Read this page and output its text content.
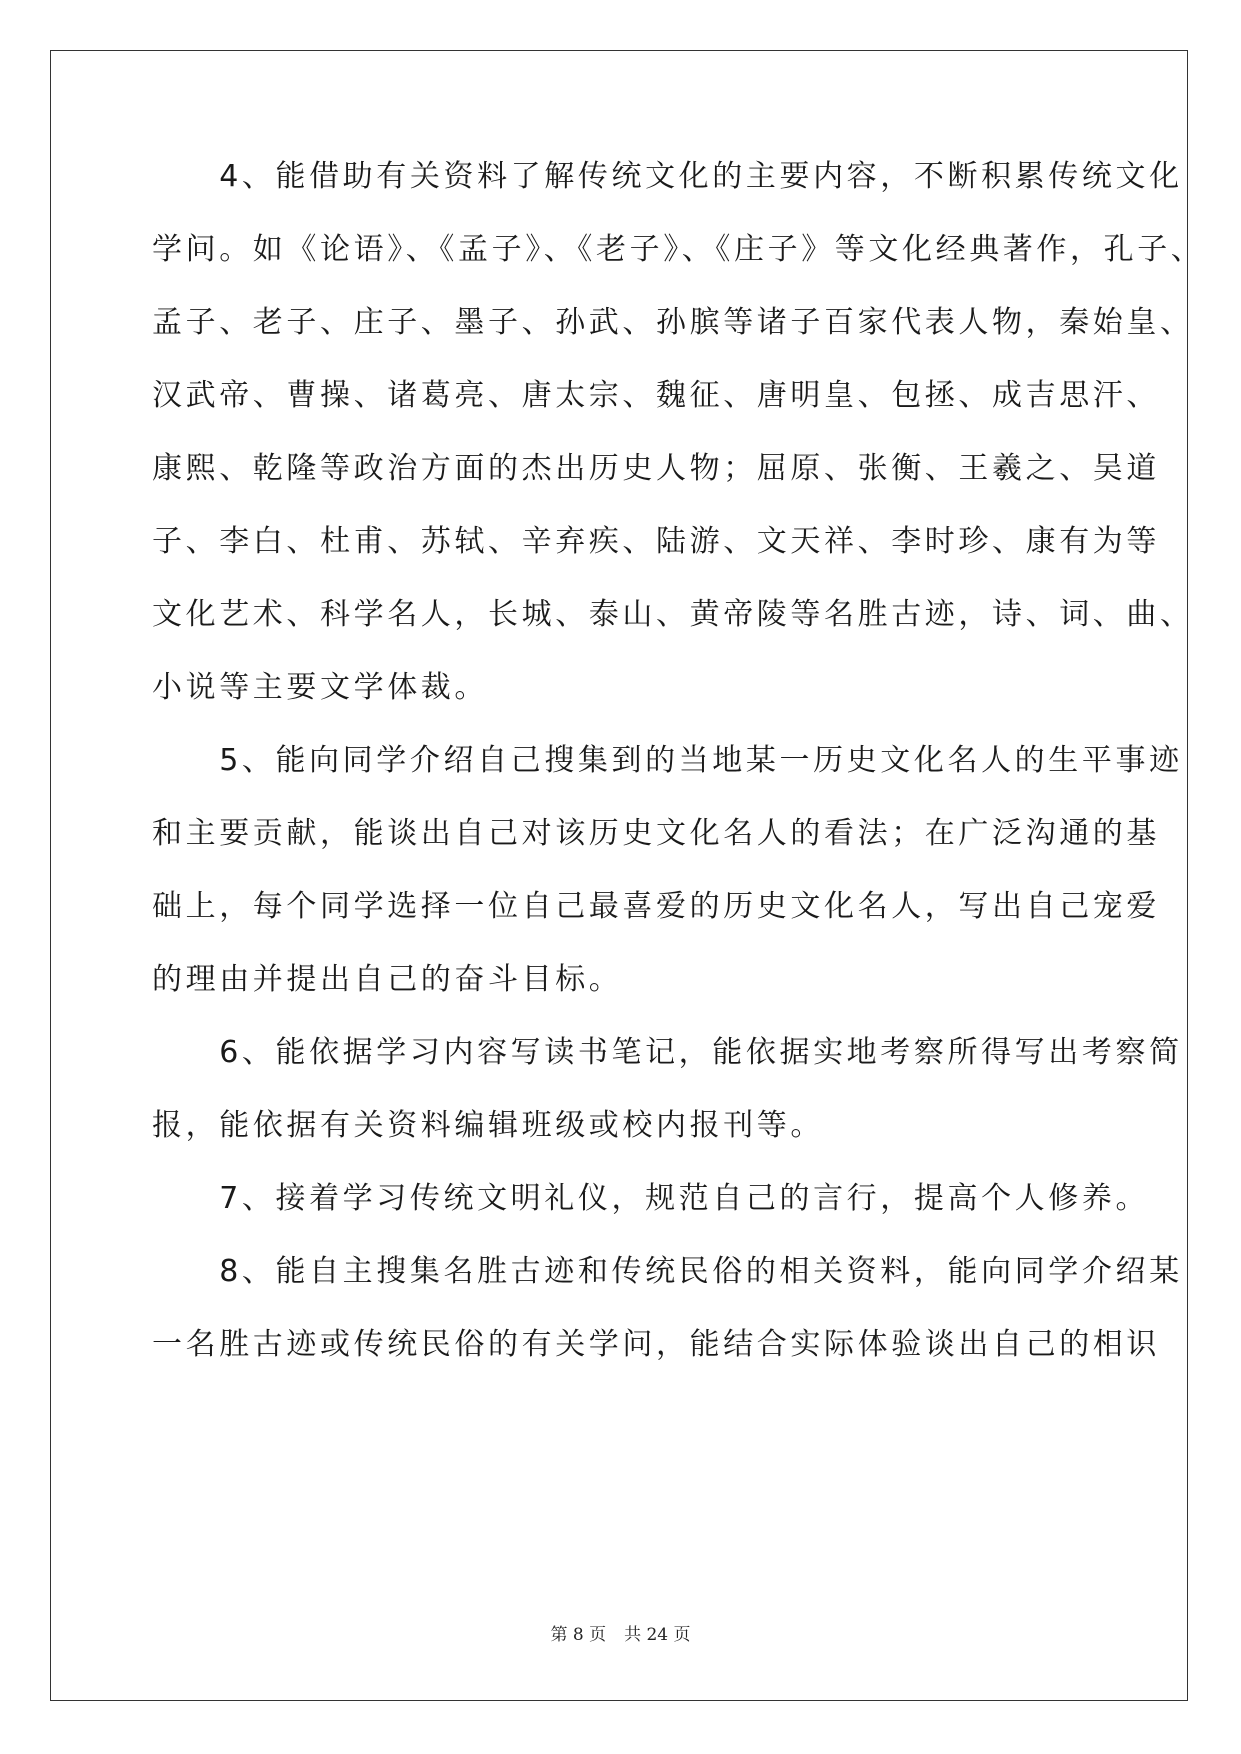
　　4、能借助有关资料了解传统文化的主要内容，不断积累传统文化
学问。如《论语》、《孟子》、《老子》、《庄子》等文化经典著作，孔子、
孟子、老子、庄子、墨子、孙武、孙膑等诸子百家代表人物，秦始皇、
汉武帝、曹操、诸葛亮、唐太宗、魏征、唐明皇、包拯、成吉思汗、
康熙、乾隆等政治方面的杰出历史人物；屈原、张衡、王羲之、吴道
子、李白、杜甫、苏轼、辛弃疾、陆游、文天祥、李时珍、康有为等
文化艺术、科学名人，长城、泰山、黄帝陵等名胜古迹，诗、词、曲、
小说等主要文学体裁。
　　5、能向同学介绍自己搜集到的当地某一历史文化名人的生平事迹
和主要贡献，能谈出自己对该历史文化名人的看法；在广泛沟通的基
础上，每个同学选择一位自己最喜爱的历史文化名人，写出自己宠爱
的理由并提出自己的奋斗目标。
　　6、能依据学习内容写读书笔记，能依据实地考察所得写出考察简
报，能依据有关资料编辑班级或校内报刊等。
　　7、接着学习传统文明礼仪，规范自己的言行，提高个人修养。
　　8、能自主搜集名胜古迹和传统民俗的相关资料，能向同学介绍某
一名胜古迹或传统民俗的有关学问，能结合实际体验谈出自己的相识
第 8 页 共 24 页
